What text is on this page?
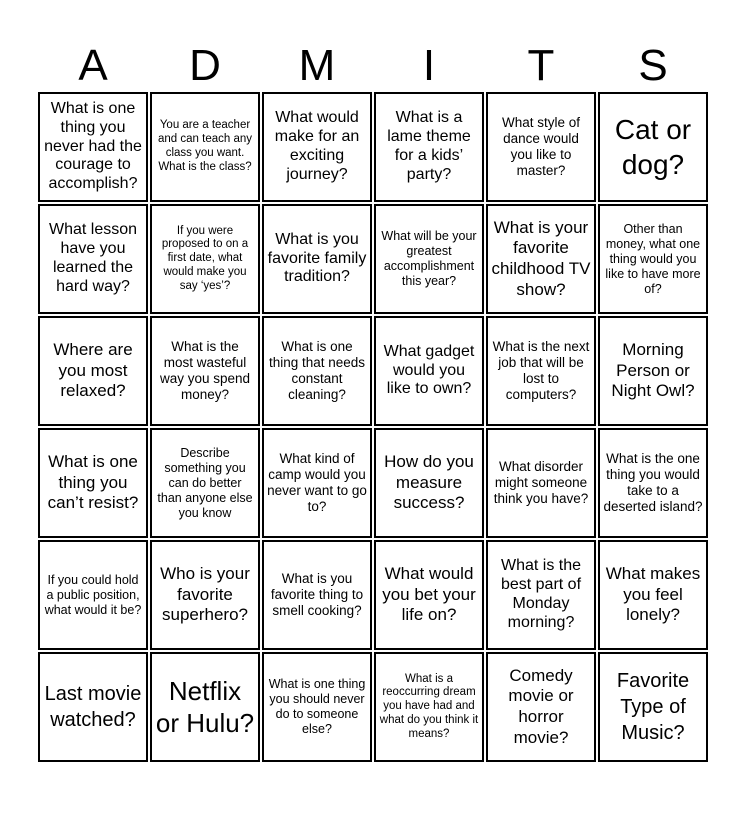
A	D	M	I	T	S
What is one thing you never had the courage to accomplish?
You are a teacher and can teach any class you want. What is the class?
What would make for an exciting journey?
What is a lame theme for a kids’ party?
What style of dance would you like to master?
Cat or dog?
What lesson have you learned the hard way?
If you were proposed to on a first date, what would make you say ‘yes’?
What is you favorite family tradition?
What will be your greatest accomplishment this year?
What is your favorite childhood TV show?
Other than money, what one thing would you like to have more of?
Where are you most relaxed?
What is the most wasteful way you spend money?
What is one thing that needs constant cleaning?
What gadget would you like to own?
What is the next job that will be lost to computers?
Morning Person or Night Owl?
What is one thing you can’t resist?
Describe something you can do better than anyone else you know
What kind of camp would you never want to go to?
How do you measure success?
What disorder might someone think you have?
What is the one thing you would take to a deserted island?
If you could hold a public position, what would it be?
Who is your favorite superhero?
What is you favorite thing to smell cooking?
What would you bet your life on?
What is the best part of Monday morning?
What makes you feel lonely?
Last movie watched?
Netflix or Hulu?
What is one thing you should never do to someone else?
What is a reoccurring dream you have had and what do you think it means?
Comedy movie or horror movie?
Favorite Type of Music?
